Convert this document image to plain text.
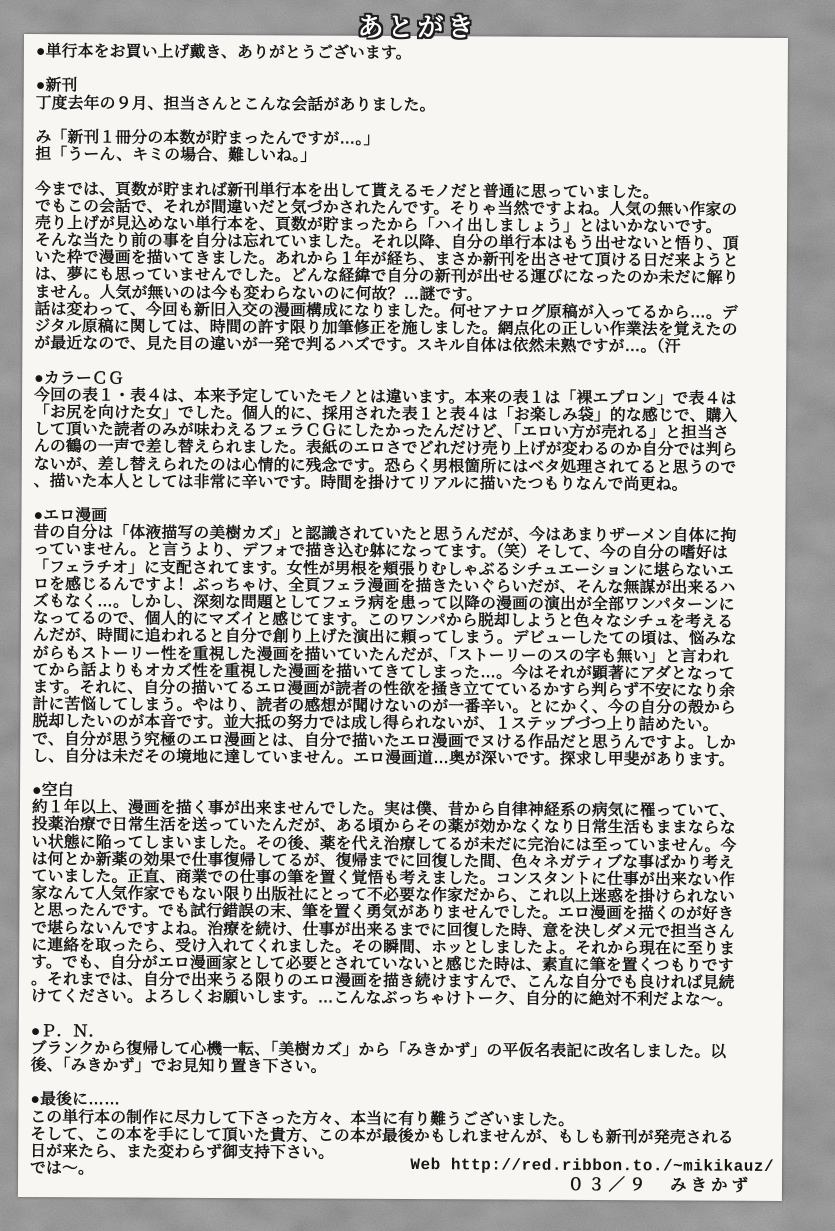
あとがき
●単行本をお買い上げ戴き、ありがとうございます。
●新刊
丁度去年の９月、担当さんとこんな会話がありました。

み「新刊１冊分の本数が貯まったんですが…。」
担「うーん、キミの場合、難しいね。」

今までは、頁数が貯まれば新刊単行本を出して貰えるモノだと普通に思っていました。
でもこの会話で、それが間違いだと気づかされたんです。そりゃ当然ですよね。人気の無い作家の
売り上げが見込めない単行本を、頁数が貯まったから「ハイ出しましょう」とはいかないです。
そんな当たり前の事を自分は忘れていました。それ以降、自分の単行本はもう出せないと悟り、頂
いた枠で漫画を描いてきました。あれから１年が経ち、まさか新刊を出させて頂ける日だ来ようと
は、夢にも思っていませんでした。どんな経緯で自分の新刊が出せる運びになったのか未だに解り
ません。人気が無いのは今も変わらないのに何故？…謎です。
話は変わって、今回も新旧入交の漫画構成になりました。何せアナログ原稿が入ってるから…。デ
ジタル原稿に関しては、時間の許す限り加筆修正を施しました。網点化の正しい作業法を覚えたの
が最近なので、見た目の違いが一発で判るハズです。スキル自体は依然未熟ですが…。（汗
●カラーＣＧ
今回の表１・表４は、本来予定していたモノとは違います。本来の表１は「裸エプロン」で表４は
「お尻を向けた女」でした。個人的に、採用された表１と表４は「お楽しみ袋」的な感じで、購入
して頂いた読者のみが味わえるフェラＣＧにしたかったんだけど、「エロい方が売れる」と担当さ
んの鶴の一声で差し替えられました。表紙のエロさでどれだけ売り上げが変わるのか自分では判ら
ないが、差し替えられたのは心情的に残念です。恐らく男根箇所にはベタ処理されてると思うので
、描いた本人としては非常に辛いです。時間を掛けてリアルに描いたつもりなんで尚更ね。
●エロ漫画
昔の自分は「体液描写の美樹カズ」と認識されていたと思うんだが、今はあまりザーメン自体に拘
っていません。と言うより、デフォで描き込む躰になってます。（笑）そして、今の自分の嗜好は
「フェラチオ」に支配されてます。女性が男根を頬張りむしゃぶるシチュエーションに堪らないエ
ロを感じるんですよ！ぶっちゃけ、全頁フェラ漫画を描きたいぐらいだが、そんな無謀が出来るハ
ズもなく…。しかし、深刻な問題としてフェラ病を患って以降の漫画の演出が全部ワンパターンに
なってるので、個人的にマズイと感じてます。このワンパから脱却しようと色々なシチュを考える
んだが、時間に追われると自分で創り上げた演出に頼ってしまう。デビューしたての頃は、悩みな
がらもストーリー性を重視した漫画を描いていたんだが、「ストーリーのスの字も無い」と言われ
てから話よりもオカズ性を重視した漫画を描いてきてしまった…。今はそれが顕著にアダとなって
ます。それに、自分の描いてるエロ漫画が読者の性欲を掻き立てているかすら判らず不安になり余
計に苦悩してしまう。やはり、読者の感想が聞けないのが一番辛い。とにかく、今の自分の殻から
脱却したいのが本音です。並大抵の努力では成し得られないが、１ステップづつ上り詰めたい。
で、自分が思う究極のエロ漫画とは、自分で描いたエロ漫画でヌける作品だと思うんですよ。しか
し、自分は未だその境地に達していません。エロ漫画道…奥が深いです。探求し甲斐があります。
●空白
約１年以上、漫画を描く事が出来ませんでした。実は僕、昔から自律神経系の病気に罹っていて、
投薬治療で日常生活を送っていたんだが、ある頃からその薬が効かなくなり日常生活もままならな
い状態に陥ってしまいました。その後、薬を代え治療してるが未だに完治には至っていません。今
は何とか新薬の効果で仕事復帰してるが、復帰までに回復した間、色々ネガティブな事ばかり考え
ていました。正直、商業での仕事の筆を置く覚悟も考えました。コンスタントに仕事が出来ない作
家なんて人気作家でもない限り出版社にとって不必要な作家だから、これ以上迷惑を掛けられない
と思ったんです。でも試行錯誤の末、筆を置く勇気がありませんでした。エロ漫画を描くのが好き
で堪らないんですよね。治療を続け、仕事が出来るまでに回復した時、意を決しダメ元で担当さん
に連絡を取ったら、受け入れてくれました。その瞬間、ホッとしましたよ。それから現在に至りま
す。でも、自分がエロ漫画家として必要とされていないと感じた時は、素直に筆を置くつもりです
。それまでは、自分で出来うる限りのエロ漫画を描き続けますんで、こんな自分でも良ければ見続
けてください。よろしくお願いします。…こんなぶっちゃけトーク、自分的に絶対不利だよな～。
●Ｐ．Ｎ．
ブランクから復帰して心機一転、「美樹カズ」から「みきかず」の平仮名表記に改名しました。以
後、「みきかず」でお見知り置き下さい。
●最後に……
この単行本の制作に尽力して下さった方々、本当に有り難うございました。
そして、この本を手にして頂いた貴方、この本が最後かもしれませんが、もしも新刊が発売される
日が来たら、また変わらず御支持下さい。
では～。	Web http://red.ribbon.to./~mikikauz/
０３／９　みきかず
